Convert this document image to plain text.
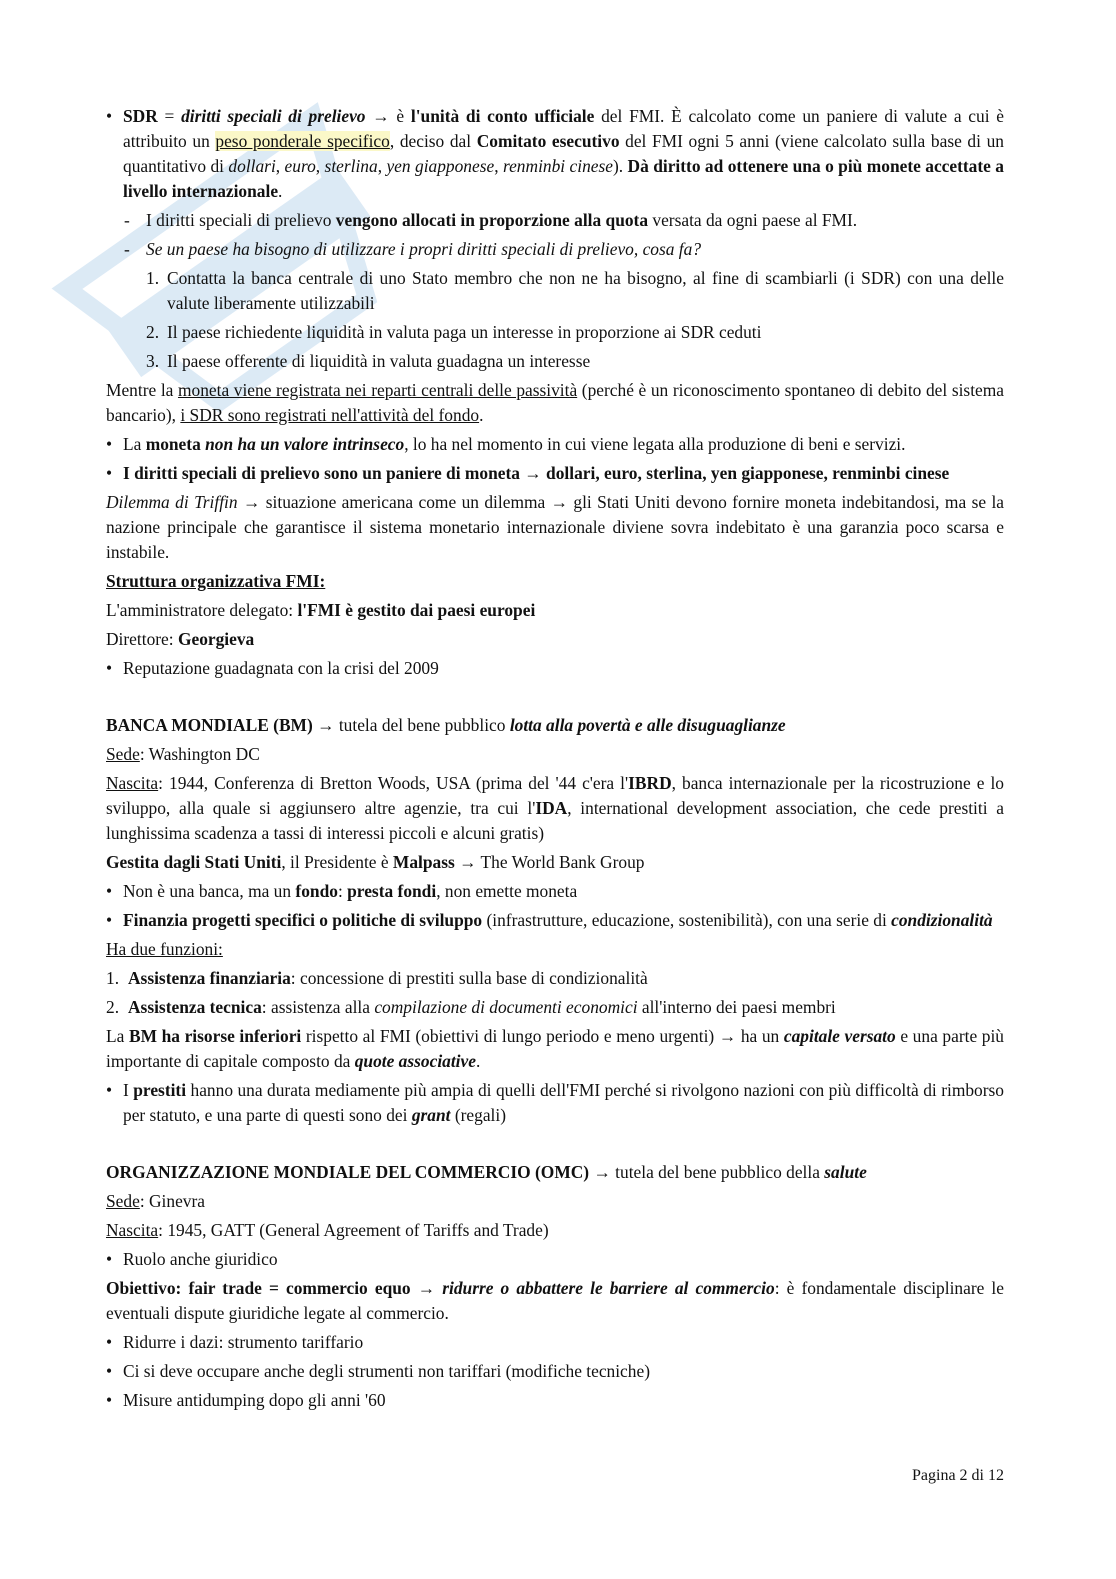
• SDR = diritti speciali di prelievo → è l'unità di conto ufficiale del FMI. È calcolato come un paniere di valute a cui è attribuito un peso ponderale specifico, deciso dal Comitato esecutivo del FMI ogni 5 anni (viene calcolato sulla base di un quantitativo di dollari, euro, sterlina, yen giapponese, renminbi cinese). Dà diritto ad ottenere una o più monete accettate a livello internazionale.
- I diritti speciali di prelievo vengono allocati in proporzione alla quota versata da ogni paese al FMI.
- Se un paese ha bisogno di utilizzare i propri diritti speciali di prelievo, cosa fa?
1. Contatta la banca centrale di uno Stato membro che non ne ha bisogno, al fine di scambiarli (i SDR) con una delle valute liberamente utilizzabili
2. Il paese richiedente liquidità in valuta paga un interesse in proporzione ai SDR ceduti
3. Il paese offerente di liquidità in valuta guadagna un interesse

Mentre la moneta viene registrata nei reparti centrali delle passività (perché è un riconoscimento spontaneo di debito del sistema bancario), i SDR sono registrati nell'attività del fondo.

• La moneta non ha un valore intrinseco, lo ha nel momento in cui viene legata alla produzione di beni e servizi.
• I diritti speciali di prelievo sono un paniere di moneta → dollari, euro, sterlina, yen giapponese, renminbi cinese

Dilemma di Triffin → situazione americana come un dilemma → gli Stati Uniti devono fornire moneta indebitandosi, ma se la nazione principale che garantisce il sistema monetario internazionale diviene sovra indebitato è una garanzia poco scarsa e instabile.

Struttura organizzativa FMI:

L'amministratore delegato: l'FMI è gestito dai paesi europei

Direttore: Georgieva

• Reputazione guadagnata con la crisi del 2009

BANCA MONDIALE (BM) → tutela del bene pubblico lotta alla povertà e alle disuguaglianze

Sede: Washington DC

Nascita: 1944, Conferenza di Bretton Woods, USA (prima del '44 c'era l'IBRD, banca internazionale per la ricostruzione e lo sviluppo, alla quale si aggiunsero altre agenzie, tra cui l'IDA, international development association, che cede prestiti a lunghissima scadenza a tassi di interessi piccoli e alcuni gratis)

Gestita dagli Stati Uniti, il Presidente è Malpass → The World Bank Group

• Non è una banca, ma un fondo: presta fondi, non emette moneta
• Finanzia progetti specifici o politiche di sviluppo (infrastrutture, educazione, sostenibilità), con una serie di condizionalità

Ha due funzioni:

1. Assistenza finanziaria: concessione di prestiti sulla base di condizionalità
2. Assistenza tecnica: assistenza alla compilazione di documenti economici all'interno dei paesi membri

La BM ha risorse inferiori rispetto al FMI (obiettivi di lungo periodo e meno urgenti) → ha un capitale versato e una parte più importante di capitale composto da quote associative.

• I prestiti hanno una durata mediamente più ampia di quelli dell'FMI perché si rivolgono nazioni con più difficoltà di rimborso per statuto, e una parte di questi sono dei grant (regali)

ORGANIZZAZIONE MONDIALE DEL COMMERCIO (OMC) → tutela del bene pubblico della salute

Sede: Ginevra

Nascita: 1945, GATT (General Agreement of Tariffs and Trade)

• Ruolo anche giuridico

Obiettivo: fair trade = commercio equo → ridurre o abbattere le barriere al commercio: è fondamentale disciplinare le eventuali dispute giuridiche legate al commercio.

• Ridurre i dazi: strumento tariffario
• Ci si deve occupare anche degli strumenti non tariffari (modifiche tecniche)
• Misure antidumping dopo gli anni '60
Pagina 2 di 12
